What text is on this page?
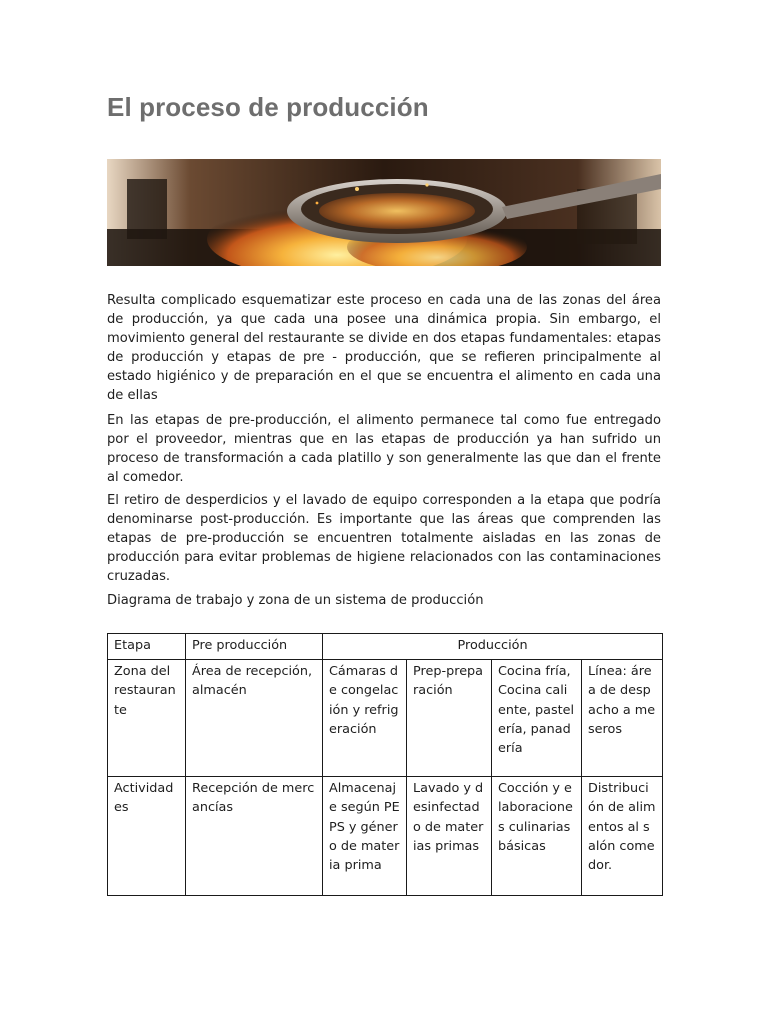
El proceso de producción

Resulta complicado esquematizar este proceso en cada una de las zonas del área de producción, ya que cada una posee una dinámica propia. Sin embargo, el movimiento general del restaurante se divide en dos etapas fundamentales: etapas de producción y etapas de pre - producción, que se refieren principalmente al estado higiénico y de preparación en el que se encuentra el alimento en cada una de ellas

En las etapas de pre-producción, el alimento permanece tal como fue entregado por el proveedor, mientras que en las etapas de producción ya han sufrido un proceso de transformación a cada platillo y son generalmente las que dan el frente al comedor.

El retiro de desperdicios y el lavado de equipo corresponden a la etapa que podría denominarse post-producción. Es importante que las áreas que comprenden las etapas de pre-producción se encuentren totalmente aisladas en las zonas de producción para evitar problemas de higiene relacionados con las contaminaciones cruzadas.

Diagrama de trabajo y zona de un sistema de producción

Etapa	Pre producción	Producción			
Zona del restaurante	Área de recepción, almacén	Cámaras de congelación y refrigeración	Prep-preparación	Cocina fría, Cocina caliente, pastelería, panadería	Línea: área de despacho a meseros
Actividades	Recepción de mercancías	Almacenaje según PEPS y género de materia prima	Lavado y desinfectado de materias primas	Cocción y elaboraciones culinarias básicas	Distribución de alimentos al salón comedor.
